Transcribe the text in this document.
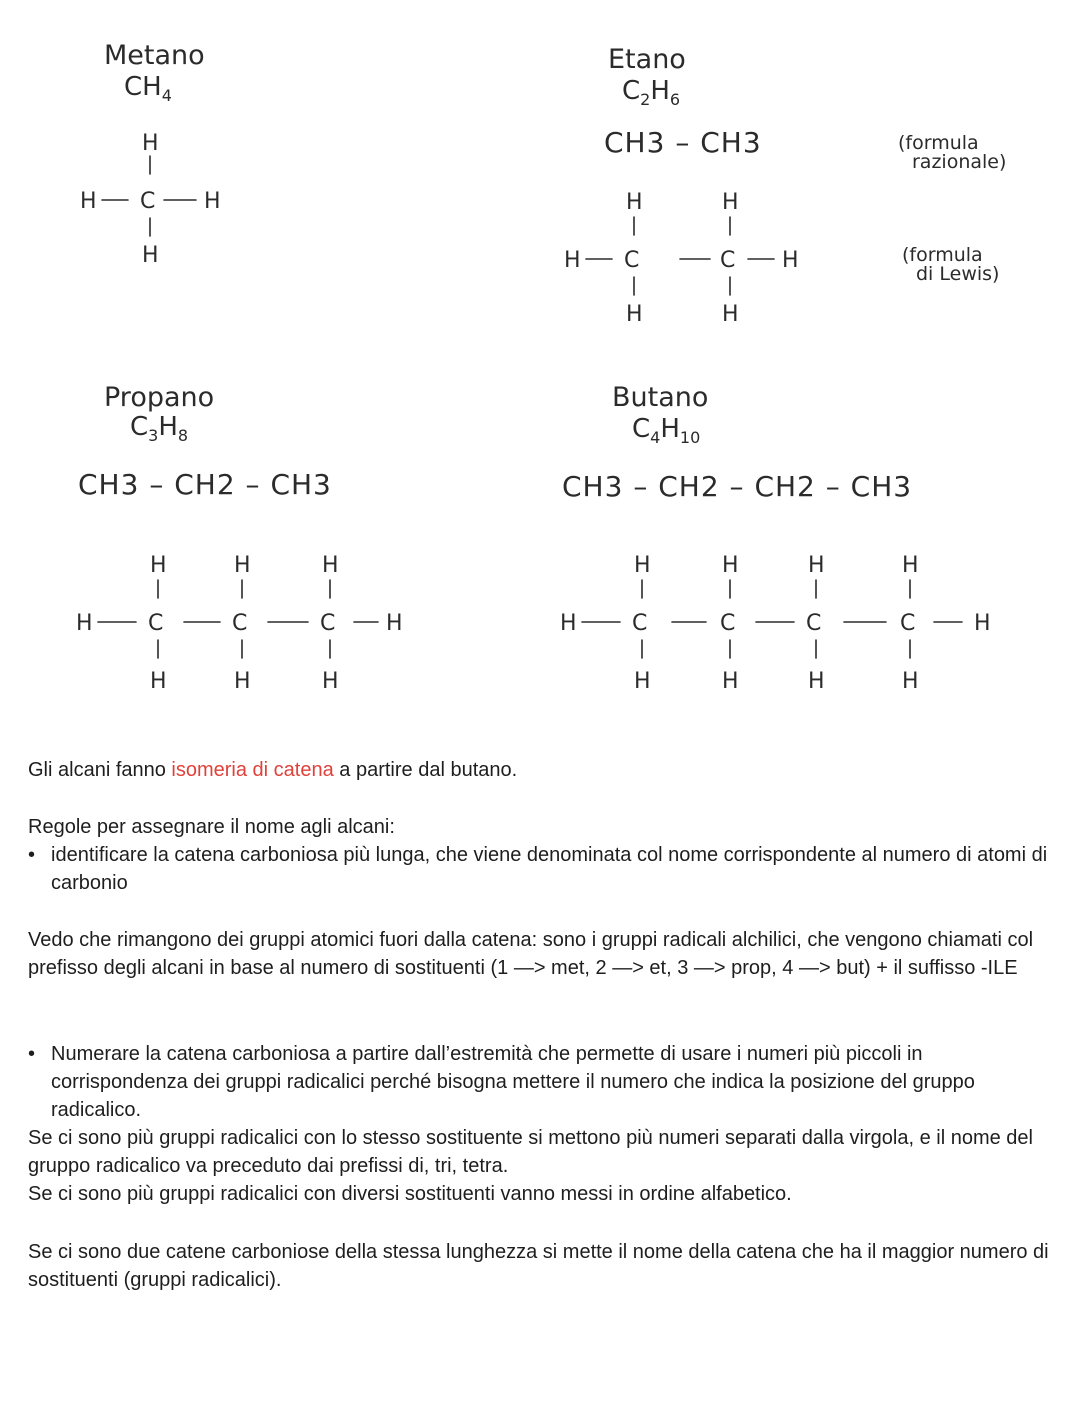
Metano
$CH_4$
H
H C H
H
Etano
$C_2H_6$
CH3 – CH3	(formula
razionale)
(formula
di Lewis)
H	H
H C	C H
H	H
Propano
$C_3H_8$
CH3 – CH2 – CH3
H	H	H
H	C	C	C H
H	H	H
Butano
$C_4H_{10}$
CH3 – CH2 – CH2 – CH3
H	H	H	H
H	C	C	C	C	H
H	H	H	H

Gli alcani fanno isomeria di catena a partire dal butano.

Regole per assegnare il nome agli alcani:

• identificare la catena carboniosa più lunga, che viene denominata col nome corrispondente al numero di atomi di carbonio

Vedo che rimangono dei gruppi atomici fuori dalla catena: sono i gruppi radicali alchilici, che vengono chiamati col prefisso degli alcani in base al numero di sostituenti (1 —> met, 2 —> et, 3 —> prop, 4 —> but) + il suffisso -ILE

• Numerare la catena carboniosa a partire dall’estremità che permette di usare i numeri più piccoli in corrispondenza dei gruppi radicalici perché bisogna mettere il numero che indica la posizione del gruppo radicalico.

Se ci sono più gruppi radicalici con lo stesso sostituente si mettono più numeri separati dalla virgola, e il nome del gruppo radicalico va preceduto dai prefissi di, tri, tetra.

Se ci sono più gruppi radicalici con diversi sostituenti vanno messi in ordine alfabetico.

Se ci sono due catene carboniose della stessa lunghezza si mette il nome della catena che ha il maggior numero di sostituenti (gruppi radicalici).
